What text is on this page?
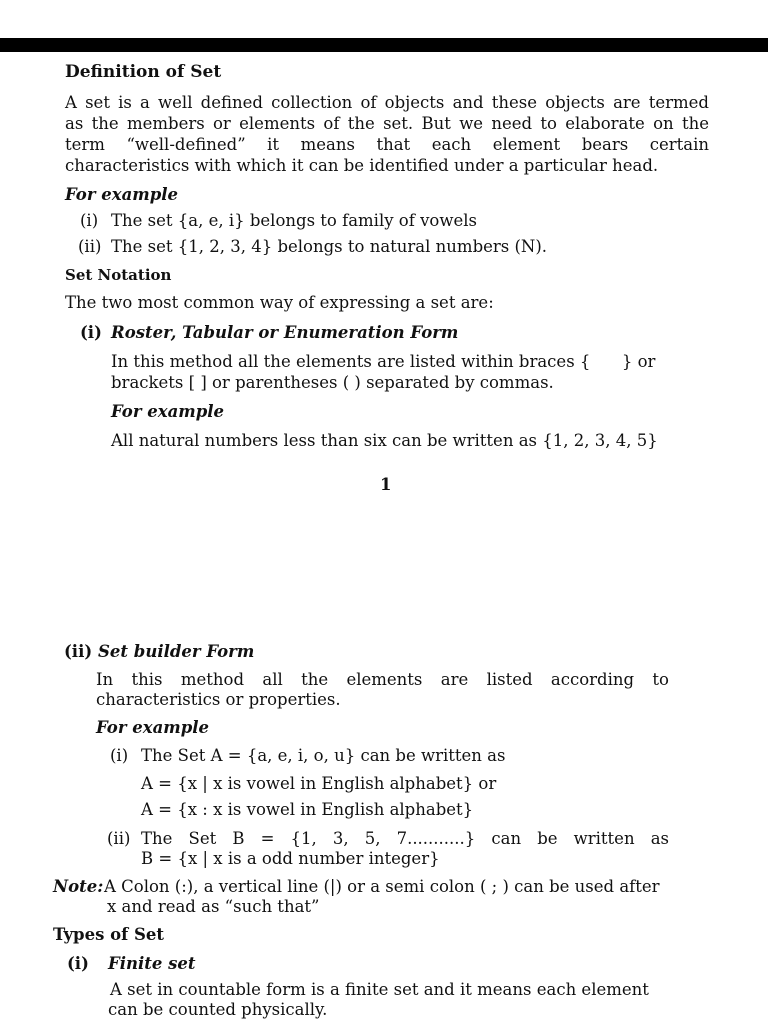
Definition of Set
A set is a well defined collection of objects and these objects are termed
as the members or elements of the set. But we need to elaborate on the
term “well-defined” it means that each element bears certain
characteristics with which it can be identified under a particular head.
For example
(i) The set {a, e, i} belongs to family of vowels
(ii) The set {1, 2, 3, 4} belongs to natural numbers (N).
Set Notation
The two most common way of expressing a set are:
(i) Roster, Tabular or Enumeration Form
In this method all the elements are listed within braces {      } or
brackets [ ] or parentheses ( ) separated by commas.
For example
All natural numbers less than six can be written as {1, 2, 3, 4, 5}
1
(ii) Set builder Form
In this method all the elements are listed according to
characteristics or properties.
For example
(i) The Set A = {a, e, i, o, u} can be written as
A = {x | x is vowel in English alphabet} or
A = {x : x is vowel in English alphabet}
(ii) The Set B = {1, 3, 5, 7...........} can be written as
B = {x | x is a odd number integer}
Note: A Colon (:), a vertical line (|) or a semi colon ( ; ) can be used after
x and read as “such that”
Types of Set
(i) Finite set
A set in countable form is a finite set and it means each element
can be counted physically.
